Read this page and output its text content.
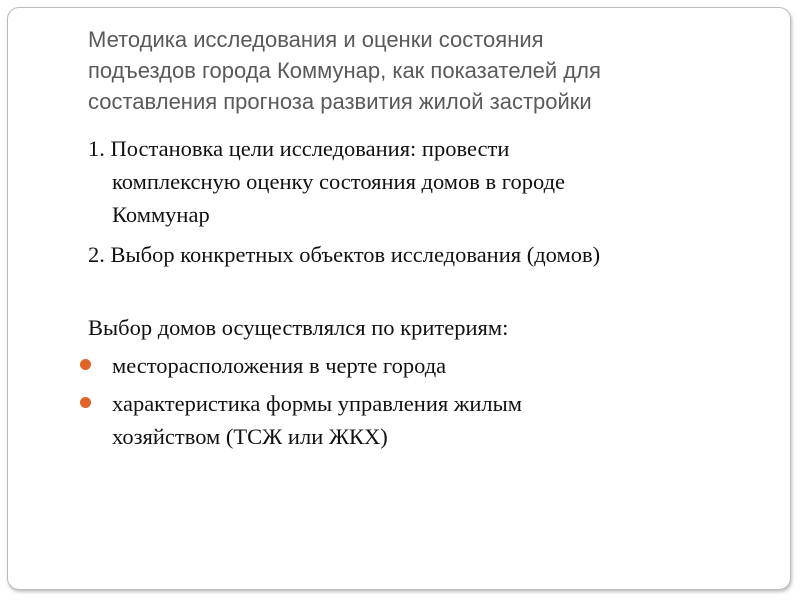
Методика исследования и оценки состояния
подъездов города Коммунар, как показателей для
составления прогноза развития жилой застройки
1. Постановка цели исследования: провести
комплексную оценку состояния домов в городе
Коммунар
2. Выбор конкретных объектов исследования (домов)
Выбор домов осуществлялся по критериям:
месторасположения в черте города
характеристика формы управления жилым
хозяйством (ТСЖ или ЖКХ)
